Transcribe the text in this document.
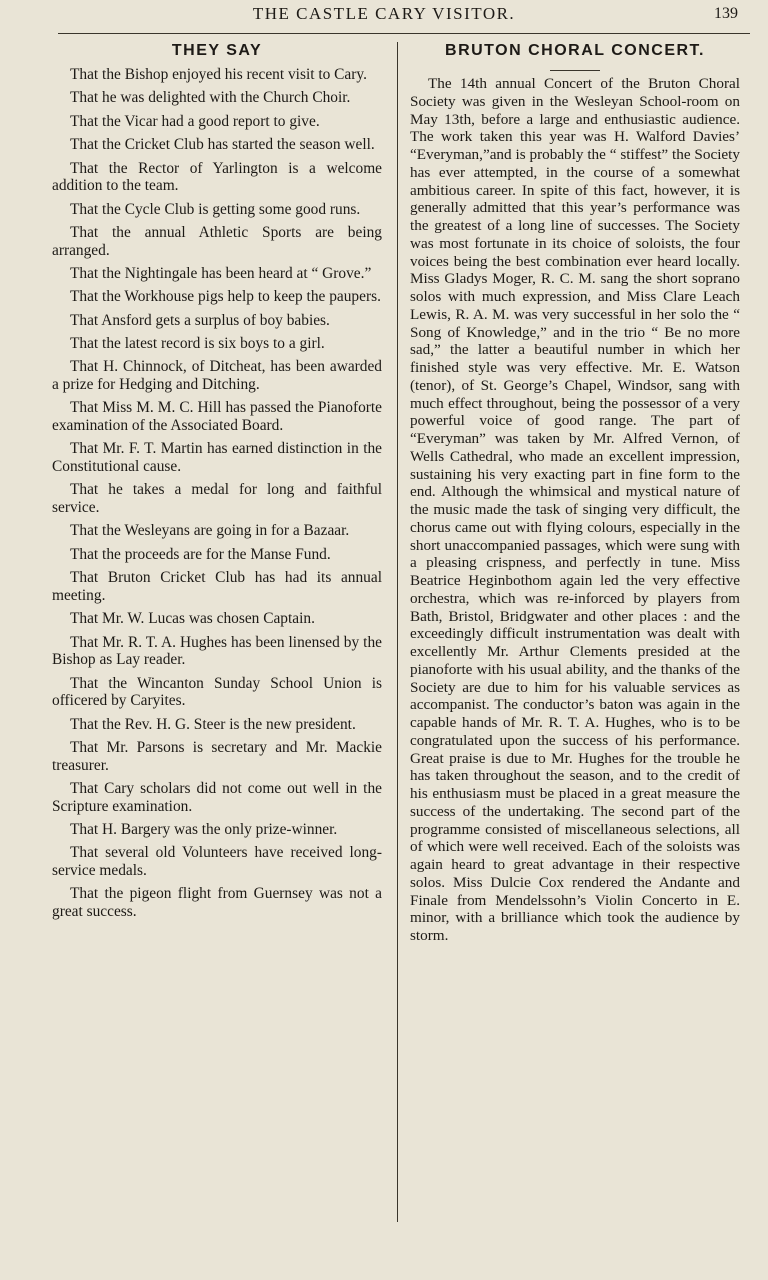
THE CASTLE CARY VISITOR.	139
THEY SAY

That the Bishop enjoyed his recent visit to Cary.

That he was delighted with the Church Choir.

That the Vicar had a good report to give.

That the Cricket Club has started the season well.

That the Rector of Yarlington is a welcome addition to the team.

That the Cycle Club is getting some good runs.

That the annual Athletic Sports are being arranged.

That the Nightingale has been heard at “ Grove.”

That the Workhouse pigs help to keep the paupers.

That Ansford gets a surplus of boy babies.

That the latest record is six boys to a girl.

That H. Chinnock, of Ditcheat, has been awarded a prize for Hedging and Ditching.

That Miss M. M. C. Hill has passed the Pianoforte examination of the Associated Board.

That Mr. F. T. Martin has earned distinction in the Constitutional cause.

That he takes a medal for long and faithful service.

That the Wesleyans are going in for a Bazaar.

That the proceeds are for the Manse Fund.

That Bruton Cricket Club has had its annual meeting.

That Mr. W. Lucas was chosen Captain.

That Mr. R. T. A. Hughes has been linensed by the Bishop as Lay reader.

That the Wincanton Sunday School Union is officered by Caryites.

That the Rev. H. G. Steer is the new president.

That Mr. Parsons is secretary and Mr. Mackie treasurer.

That Cary scholars did not come out well in the Scripture examination.

That H. Bargery was the only prize-winner.

That several old Volunteers have received long-service medals.

That the pigeon flight from Guernsey was not a great success.

BRUTON CHORAL CONCERT.

The 14th annual Concert of the Bruton Choral Society was given in the Wesleyan School-room on May 13th, before a large and enthusiastic audience. The work taken this year was H. Walford Davies’ “Everyman,”and is probably the “ stiffest” the Society has ever attempted, in the course of a somewhat ambitious career. In spite of this fact, however, it is generally admitted that this year’s performance was the greatest of a long line of successes. The Society was most fortunate in its choice of soloists, the four voices being the best combination ever heard locally. Miss Gladys Moger, R. C. M. sang the short soprano solos with much expression, and Miss Clare Leach Lewis, R. A. M. was very successful in her solo the “ Song of Knowledge,” and in the trio “ Be no more sad,” the latter a beautiful number in which her finished style was very effective. Mr. E. Watson (tenor), of St. George’s Chapel, Windsor, sang with much effect throughout, being the possessor of a very powerful voice of good range. The part of “Everyman” was taken by Mr. Alfred Vernon, of Wells Cathedral, who made an excellent impression, sustaining his very exacting part in fine form to the end. Although the whimsical and mystical nature of the music made the task of singing very difficult, the chorus came out with flying colours, especially in the short unaccompanied passages, which were sung with a pleasing crispness, and perfectly in tune. Miss Beatrice Heginbothom again led the very effective orchestra, which was re-inforced by players from Bath, Bristol, Bridgwater and other places : and the exceedingly difficult instrumentation was dealt with excellently Mr. Arthur Clements presided at the pianoforte with his usual ability, and the thanks of the Society are due to him for his valuable services as accompanist. The conductor’s baton was again in the capable hands of Mr. R. T. A. Hughes, who is to be congratulated upon the success of his performance. Great praise is due to Mr. Hughes for the trouble he has taken throughout the season, and to the credit of his enthusiasm must be placed in a great measure the success of the undertaking. The second part of the programme consisted of miscellaneous selections, all of which were well received. Each of the soloists was again heard to great advantage in their respective solos. Miss Dulcie Cox rendered the Andante and Finale from Mendelssohn’s Violin Concerto in E. minor, with a brilliance which took the audience by storm.
